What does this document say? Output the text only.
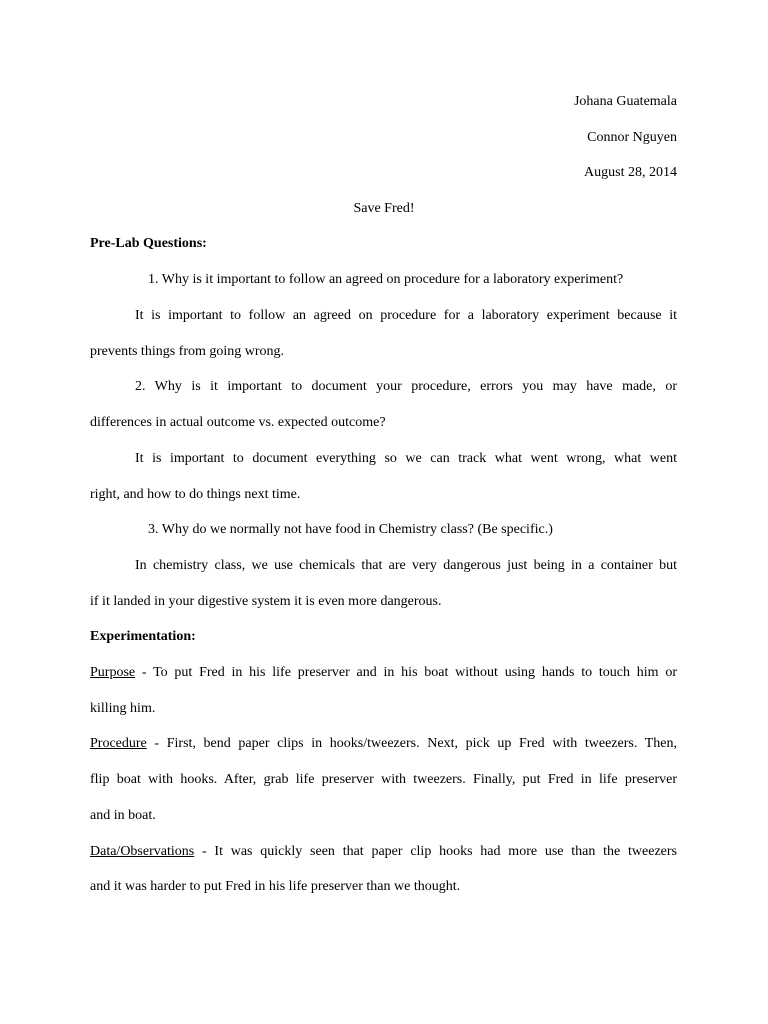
Johana Guatemala
Connor Nguyen
August 28, 2014
Save Fred!
Pre-Lab Questions:
1. Why is it important to follow an agreed on procedure for a laboratory experiment?
It is important to follow an agreed on procedure for a laboratory experiment because it
prevents things from going wrong.
2. Why is it important to document your procedure, errors you may have made, or
differences in actual outcome vs. expected outcome?
It is important to document everything so we can track what went wrong, what went
right, and how to do things next time.
3. Why do we normally not have food in Chemistry class? (Be specific.)
In chemistry class, we use chemicals that are very dangerous just being in a container but
if it landed in your digestive system it is even more dangerous.
Experimentation:
Purpose - To put Fred in his life preserver and in his boat without using hands to touch him or
killing him.
Procedure - First, bend paper clips in hooks/tweezers. Next, pick up Fred with tweezers. Then,
flip boat with hooks. After, grab life preserver with tweezers. Finally, put Fred in life preserver
and in boat.
Data/Observations - It was quickly seen that paper clip hooks had more use than the tweezers
and it was harder to put Fred in his life preserver than we thought.
